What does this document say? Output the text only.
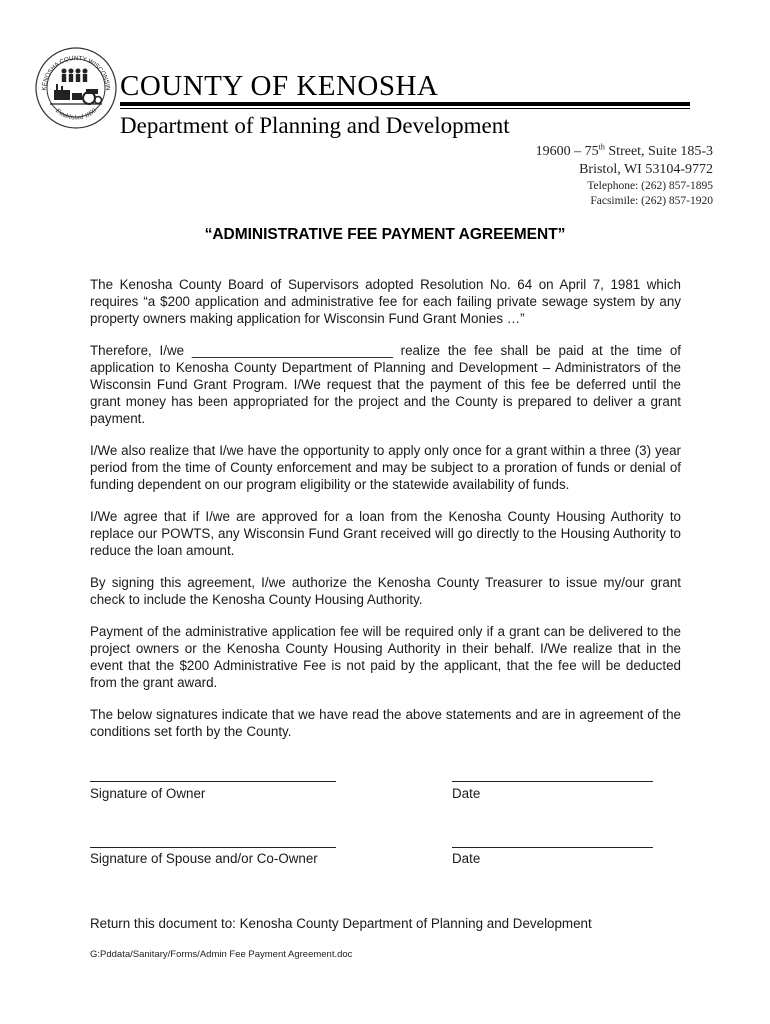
KENOSHA COUNTY WISCONSIN
Established 1850
COUNTY OF KENOSHA
Department of Planning and Development
19600 – 75th Street, Suite 185-3
Bristol, WI 53104-9772
Telephone: (262) 857-1895
Facsimile: (262) 857-1920
“ADMINISTRATIVE FEE PAYMENT AGREEMENT”

The Kenosha County Board of Supervisors adopted Resolution No. 64 on April 7, 1981 which requires “a $200 application and administrative fee for each failing private sewage system by any property owners making application for Wisconsin Fund Grant Monies …”

Therefore, I/we ___________________________ realize the fee shall be paid at the time of application to Kenosha County Department of Planning and Development – Administrators of the Wisconsin Fund Grant Program. I/We request that the payment of this fee be deferred until the grant money has been appropriated for the project and the County is prepared to deliver a grant payment.

I/We also realize that I/we have the opportunity to apply only once for a grant within a three (3) year period from the time of County enforcement and may be subject to a proration of funds or denial of funding dependent on our program eligibility or the statewide availability of funds.

I/We agree that if I/we are approved for a loan from the Kenosha County Housing Authority to replace our POWTS, any Wisconsin Fund Grant received will go directly to the Housing Authority to reduce the loan amount.

By signing this agreement, I/we authorize the Kenosha County Treasurer to issue my/our grant check to include the Kenosha County Housing Authority.

Payment of the administrative application fee will be required only if a grant can be delivered to the project owners or the Kenosha County Housing Authority in their behalf. I/We realize that in the event that the $200 Administrative Fee is not paid by the applicant, that the fee will be deducted from the grant award.

The below signatures indicate that we have read the above statements and are in agreement of the conditions set forth by the County.

Signature of Owner	Date
Signature of Spouse and/or Co-Owner	Date
Return this document to: Kenosha County Department of Planning and Development
G:Pddata/Sanitary/Forms/Admin Fee Payment Agreement.doc
